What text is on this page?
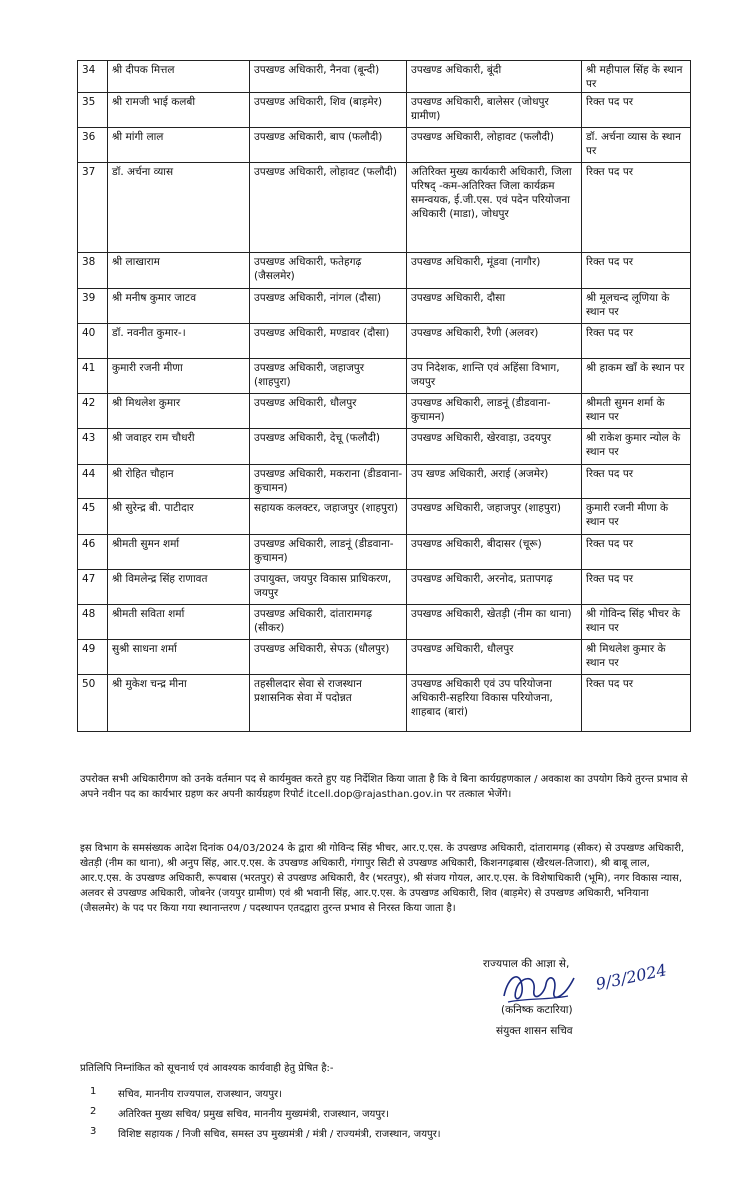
34	श्री दीपक मित्तल	उपखण्ड अधिकारी, नैनवा (बून्दी)	उपखण्ड अधिकारी, बूंदी	श्री महीपाल सिंह के स्थान पर
35	श्री रामजी भाई कलबी	उपखण्ड अधिकारी, शिव (बाड़मेर)	उपखण्ड अधिकारी, बालेसर (जोधपुर ग्रामीण)	रिक्त पद पर
36	श्री मांगी लाल	उपखण्ड अधिकारी, बाप (फलौदी)	उपखण्ड अधिकारी, लोहावट (फलौदी)	डॉ. अर्चना व्यास के स्थान पर
37	डॉ. अर्चना व्यास	उपखण्ड अधिकारी, लोहावट (फलौदी)	अतिरिक्त मुख्य कार्यकारी अधिकारी, जिला परिषद् -कम-अतिरिक्त जिला कार्यक्रम समन्वयक, ई.जी.एस. एवं पदेन परियोजना अधिकारी (माडा), जोधपुर	रिक्त पद पर
38	श्री लाखाराम	उपखण्ड अधिकारी, फतेहगढ़ (जैसलमेर)	उपखण्ड अधिकारी, मूंडवा (नागौर)	रिक्त पद पर
39	श्री मनीष कुमार जाटव	उपखण्ड अधिकारी, नांगल (दौसा)	उपखण्ड अधिकारी, दौसा	श्री मूलचन्द लूणिया के स्थान पर
40	डॉ. नवनीत कुमार-।	उपखण्ड अधिकारी, मण्डावर (दौसा)	उपखण्ड अधिकारी, रैणी (अलवर)	रिक्त पद पर
41	कुमारी रजनी मीणा	उपखण्ड अधिकारी, जहाजपुर (शाहपुरा)	उप निदेशक, शान्ति एवं अहिंसा विभाग, जयपुर	श्री हाकम खाँ के स्थान पर
42	श्री मिथलेश कुमार	उपखण्ड अधिकारी, धौलपुर	उपखण्ड अधिकारी, लाडनूं (डीडवाना-कुचामन)	श्रीमती सुमन शर्मा के स्थान पर
43	श्री जवाहर राम चौधरी	उपखण्ड अधिकारी, देचू (फलौदी)	उपखण्ड अधिकारी, खेरवाड़ा, उदयपुर	श्री राकेश कुमार न्योल के स्थान पर
44	श्री रोहित चौहान	उपखण्ड अधिकारी, मकराना (डीडवाना-कुचामन)	उप खण्ड अधिकारी, अराई (अजमेर)	रिक्त पद पर
45	श्री सुरेन्द्र बी. पाटीदार	सहायक कलक्टर, जहाजपुर (शाहपुरा)	उपखण्ड अधिकारी, जहाजपुर (शाहपुरा)	कुमारी रजनी मीणा के स्थान पर
46	श्रीमती सुमन शर्मा	उपखण्ड अधिकारी, लाडनूं (डीडवाना-कुचामन)	उपखण्ड अधिकारी, बीदासर (चूरू)	रिक्त पद पर
47	श्री विमलेन्द्र सिंह राणावत	उपायुक्त, जयपुर विकास प्राधिकरण, जयपुर	उपखण्ड अधिकारी, अरनोद, प्रतापगढ़	रिक्त पद पर
48	श्रीमती सविता शर्मा	उपखण्ड अधिकारी, दांतारामगढ़ (सीकर)	उपखण्ड अधिकारी, खेतड़ी (नीम का थाना)	श्री गोविन्द सिंह भीचर के स्थान पर
49	सुश्री साधना शर्मा	उपखण्ड अधिकारी, सेपऊ (धौलपुर)	उपखण्ड अधिकारी, धौलपुर	श्री मिथलेश कुमार के स्थान पर
50	श्री मुकेश चन्द्र मीना	तहसीलदार सेवा से राजस्थान प्रशासनिक सेवा में पदोन्नत	उपखण्ड अधिकारी एवं उप परियोजना अधिकारी-सहरिया विकास परियोजना, शाहबाद (बारां)	रिक्त पद पर

उपरोक्त सभी अधिकारीगण को उनके वर्तमान पद से कार्यमुक्त करते हुए यह निर्देशित किया जाता है कि वे बिना कार्यग्रहणकाल / अवकाश का उपयोग किये तुरन्त प्रभाव से अपने नवीन पद का कार्यभार ग्रहण कर अपनी कार्यग्रहण रिपोर्ट itcell.dop@rajasthan.gov.in पर तत्काल भेजेंगे।

इस विभाग के समसंख्यक आदेश दिनांक 04/03/2024 के द्वारा श्री गोविन्द सिंह भीचर, आर.ए.एस. के उपखण्ड अधिकारी, दांतारामगढ़ (सीकर) से उपखण्ड अधिकारी, खेतड़ी (नीम का थाना), श्री अनुप सिंह, आर.ए.एस. के उपखण्ड अधिकारी, गंगापुर सिटी से उपखण्ड अधिकारी, किशनगढ़बास (खैरथल-तिजारा), श्री बाबू लाल, आर.ए.एस. के उपखण्ड अधिकारी, रूपबास (भरतपुर) से उपखण्ड अधिकारी, वैर (भरतपुर), श्री संजय गोयल, आर.ए.एस. के विशेषाधिकारी (भूमि), नगर विकास न्यास, अलवर से उपखण्ड अधिकारी, जोबनेर (जयपुर ग्रामीण) एवं श्री भवानी सिंह, आर.ए.एस. के उपखण्ड अधिकारी, शिव (बाड़मेर) से उपखण्ड अधिकारी, भनियाना (जैसलमेर) के पद पर किया गया स्थानान्तरण / पदस्थापन एतदद्वारा तुरन्त प्रभाव से निरस्त किया जाता है।

राज्यपाल की आज्ञा से, 9/3/2024
(कनिष्क कटारिया)
संयुक्त शासन सचिव

प्रतिलिपि निम्नांकित को सूचनार्थ एवं आवश्यक कार्यवाही हेतु प्रेषित है:-

1 सचिव, माननीय राज्यपाल, राजस्थान, जयपुर।
2 अतिरिक्त मुख्य सचिव/ प्रमुख सचिव, माननीय मुख्यमंत्री, राजस्थान, जयपुर।
3 विशिष्ट सहायक / निजी सचिव, समस्त उप मुख्यमंत्री / मंत्री / राज्यमंत्री, राजस्थान, जयपुर।
